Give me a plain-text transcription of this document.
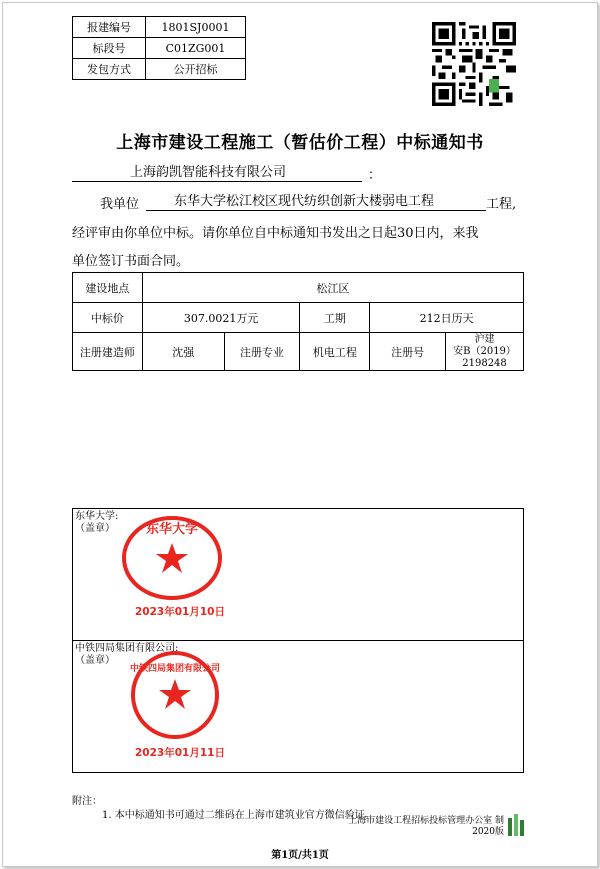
报建编号	1801SJ0001
标段号	C01ZG001
发包方式	公开招标
上海市建设工程施工（暂估价工程）中标通知书
上海韵凯智能科技有限公司	：
我单位	东华大学松江校区现代纺织创新大楼弱电工程	工程,
经评审由你单位中标。请你单位自中标通知书发出之日起30日内，来我
单位签订书面合同。
建设地点	松江区				
中标价	307.0021万元		工期	212日历天	
注册建造师	沈强	注册专业	机电工程	注册号	沪建
安B（2019）
2198248
东华大学:
（盖章） 东华大学
2023年01月10日

中铁四局集团有限公司:
（盖章）
中铁四局集团有限公司
2023年01月11日
附注：
1. 本中标通知书可通过二维码在上海市建筑业官方微信验证。
上海市建设工程招标投标管理办公室 制
2020版
第1页/共1页
